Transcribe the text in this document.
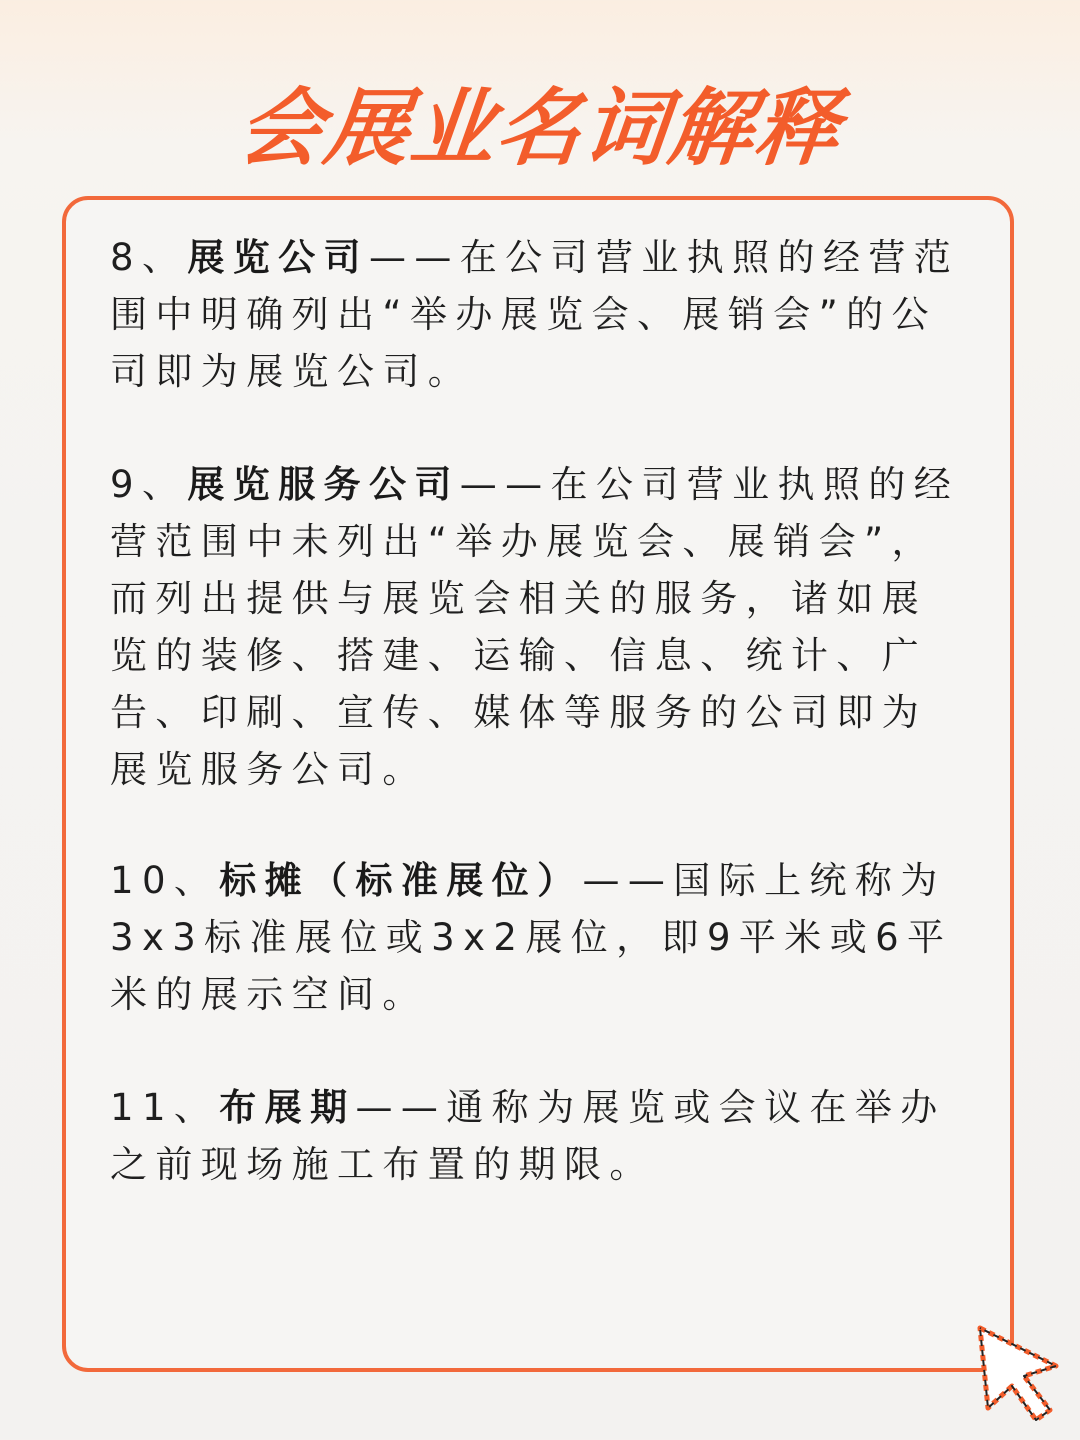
会展业名词解释
8、展览公司——在公司营业执照的经营范围中明确列出“举办展览会、展销会”的公司即为展览公司。
9、展览服务公司——在公司营业执照的经营范围中未列出“举办展览会、展销会”，而列出提供与展览会相关的服务，诸如展览的装修、搭建、运输、信息、统计、广告、印刷、宣传、媒体等服务的公司即为展览服务公司。
10、标摊（标准展位）——国际上统称为3x3标准展位或3x2展位，即9平米或6平米的展示空间。
11、布展期——通称为展览或会议在举办之前现场施工布置的期限。
